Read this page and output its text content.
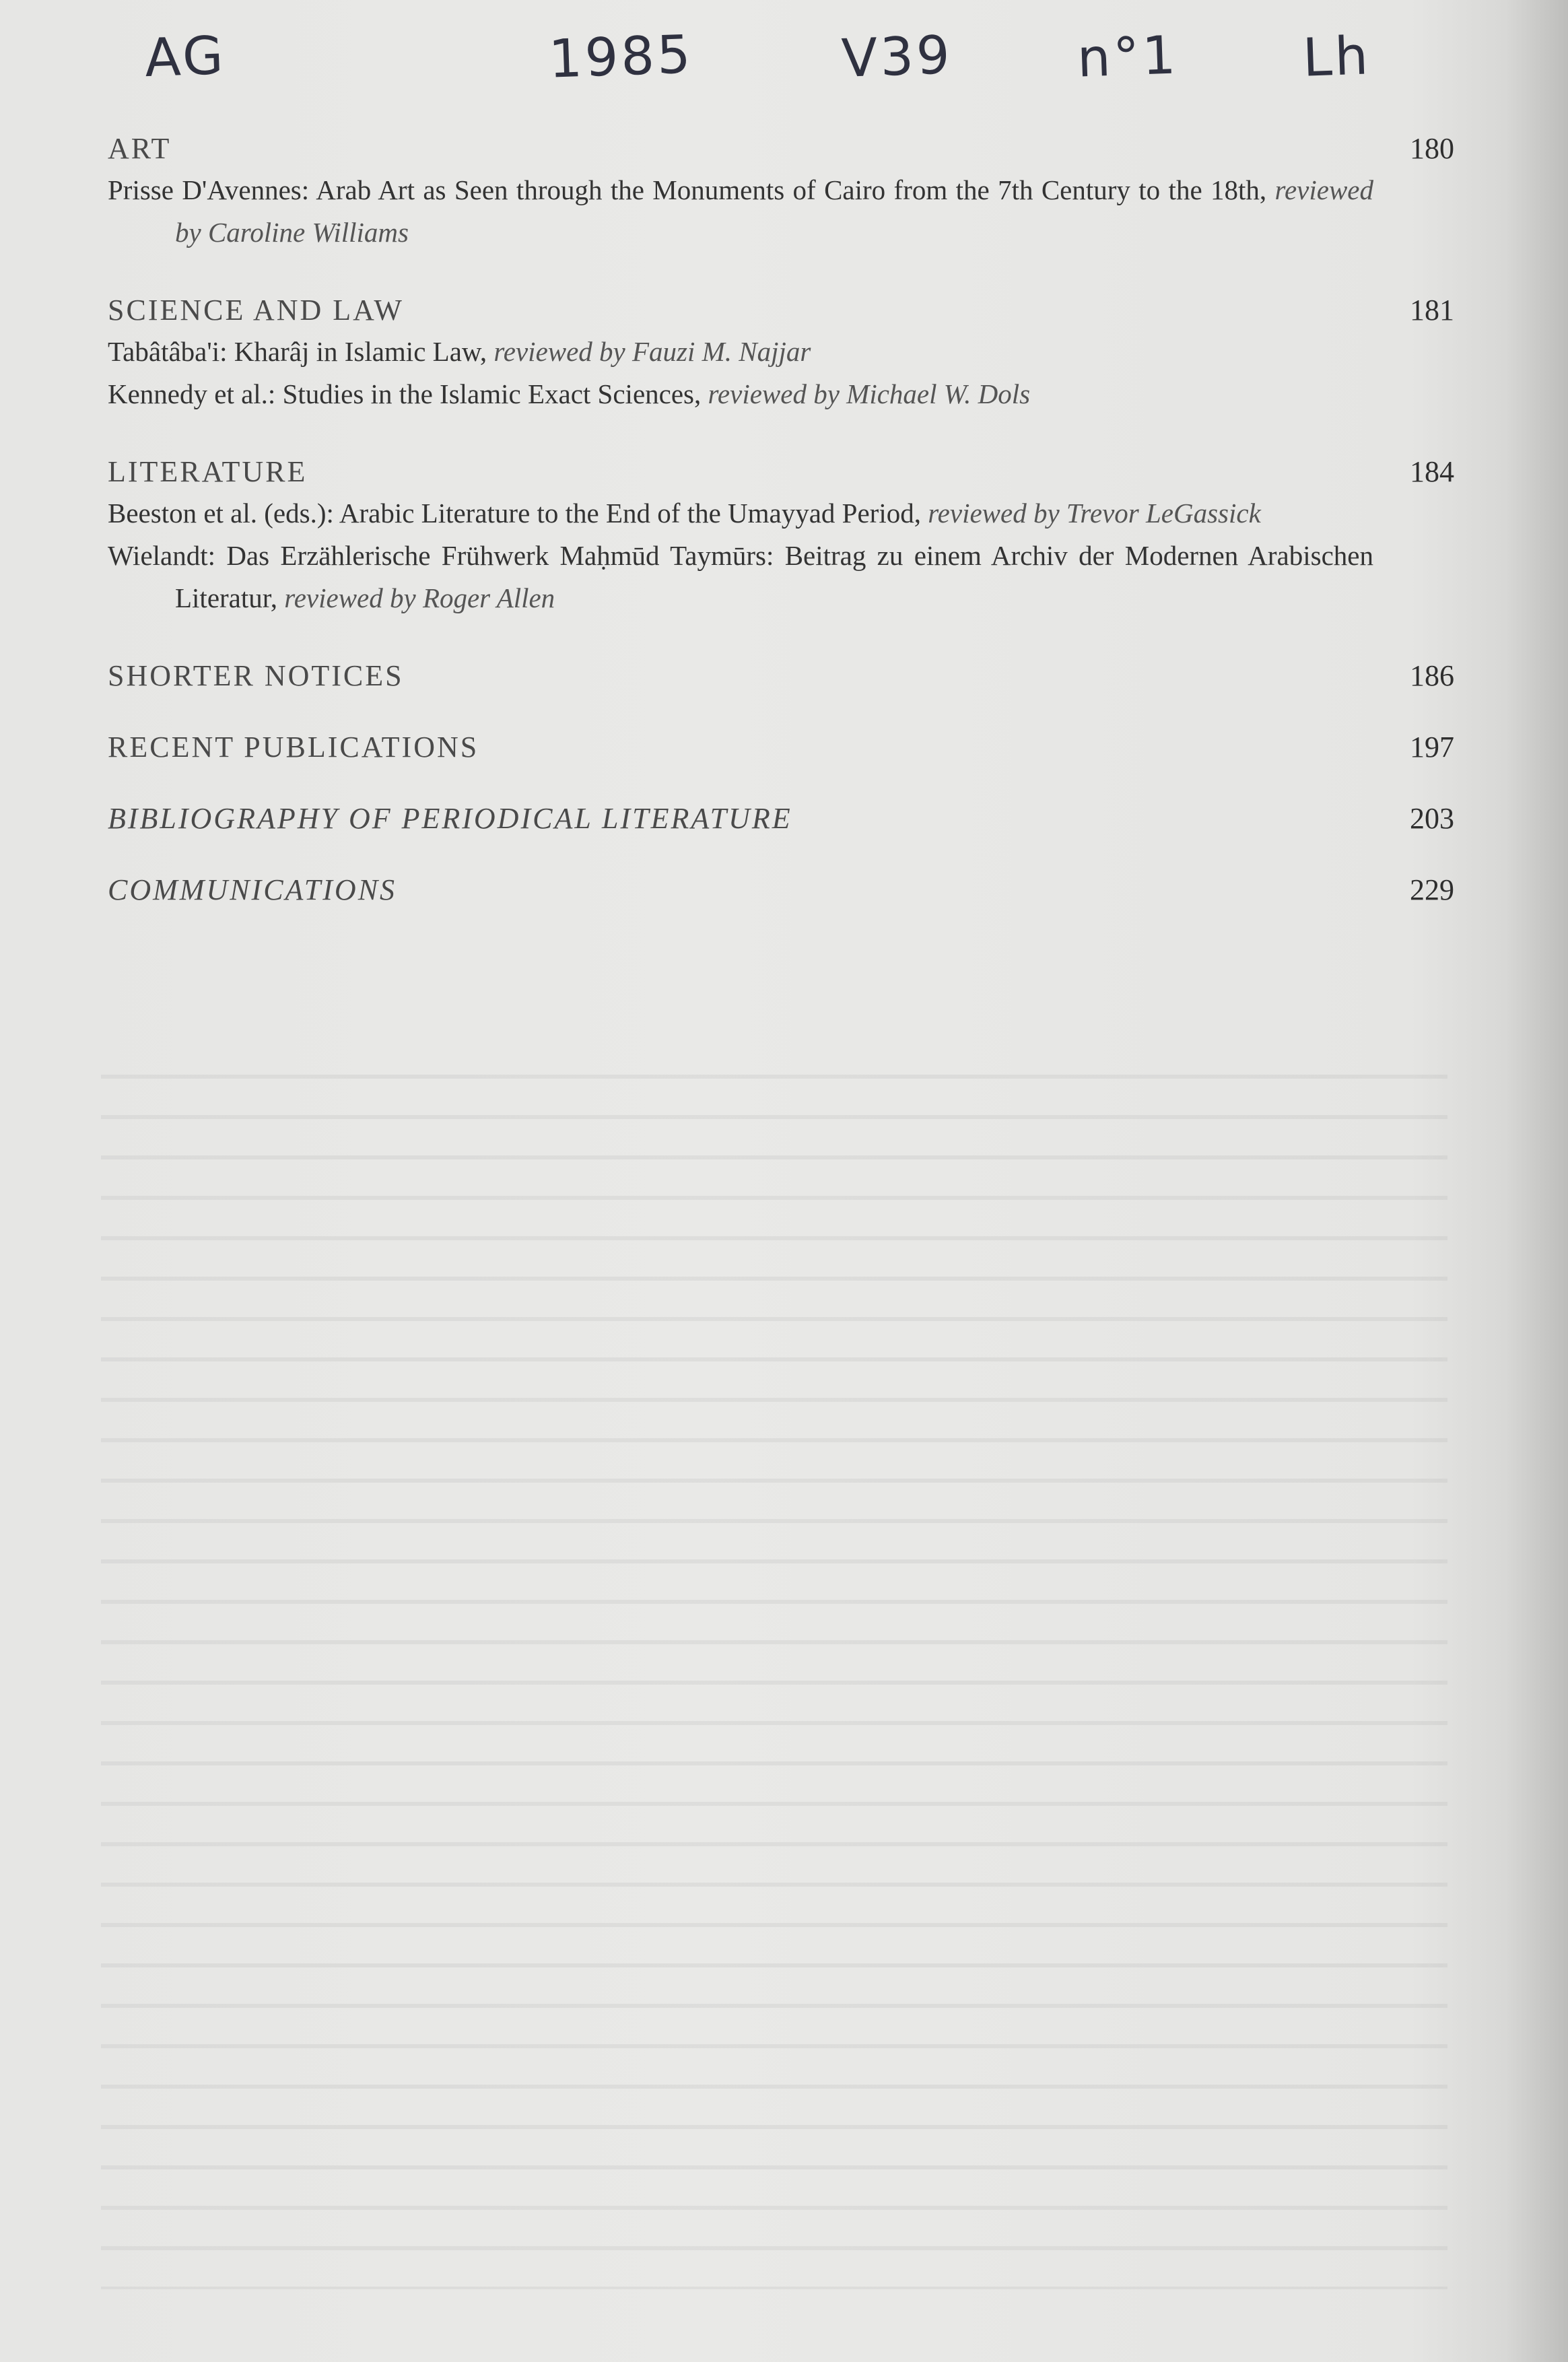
AG	1985	V39 n°1 Lh
ART	180
Prisse D'Avennes: Arab Art as Seen through the Monuments of Cairo from the 7th Century to the 18th, reviewed by Caroline Williams
SCIENCE AND LAW	181
Tabâtâba'i: Kharâj in Islamic Law, reviewed by Fauzi M. Najjar
Kennedy et al.: Studies in the Islamic Exact Sciences, reviewed by Michael W. Dols
LITERATURE	184
Beeston et al. (eds.): Arabic Literature to the End of the Umayyad Period, reviewed by Trevor LeGassick
Wielandt: Das Erzählerische Frühwerk Maḥmūd Taymūrs: Beitrag zu einem Archiv der Modernen Arabischen Literatur, reviewed by Roger Allen
SHORTER NOTICES	186
RECENT PUBLICATIONS	197
BIBLIOGRAPHY OF PERIODICAL LITERATURE	203
COMMUNICATIONS	229
